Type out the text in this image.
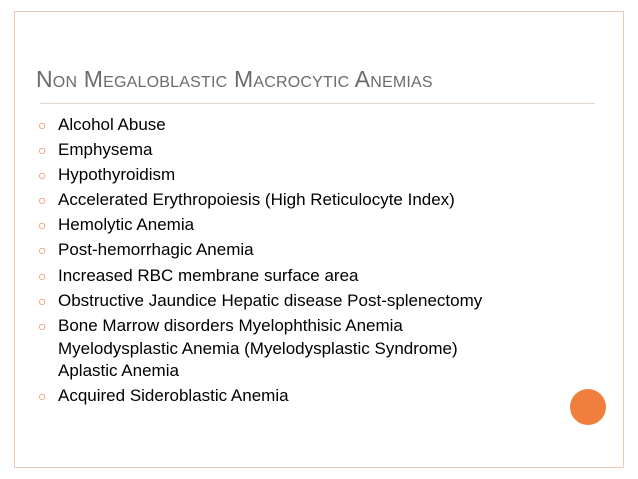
Non Megaloblastic Macrocytic Anemias
○ Alcohol Abuse
○ Emphysema
○ Hypothyroidism
○ Accelerated Erythropoiesis (High Reticulocyte Index)
○ Hemolytic Anemia
○ Post-hemorrhagic Anemia
○ Increased RBC membrane surface area
○ Obstructive Jaundice Hepatic disease Post-splenectomy
○ Bone Marrow disorders Myelophthisic Anemia
Myelodysplastic Anemia (Myelodysplastic Syndrome)
Aplastic Anemia
○ Acquired Sideroblastic Anemia
